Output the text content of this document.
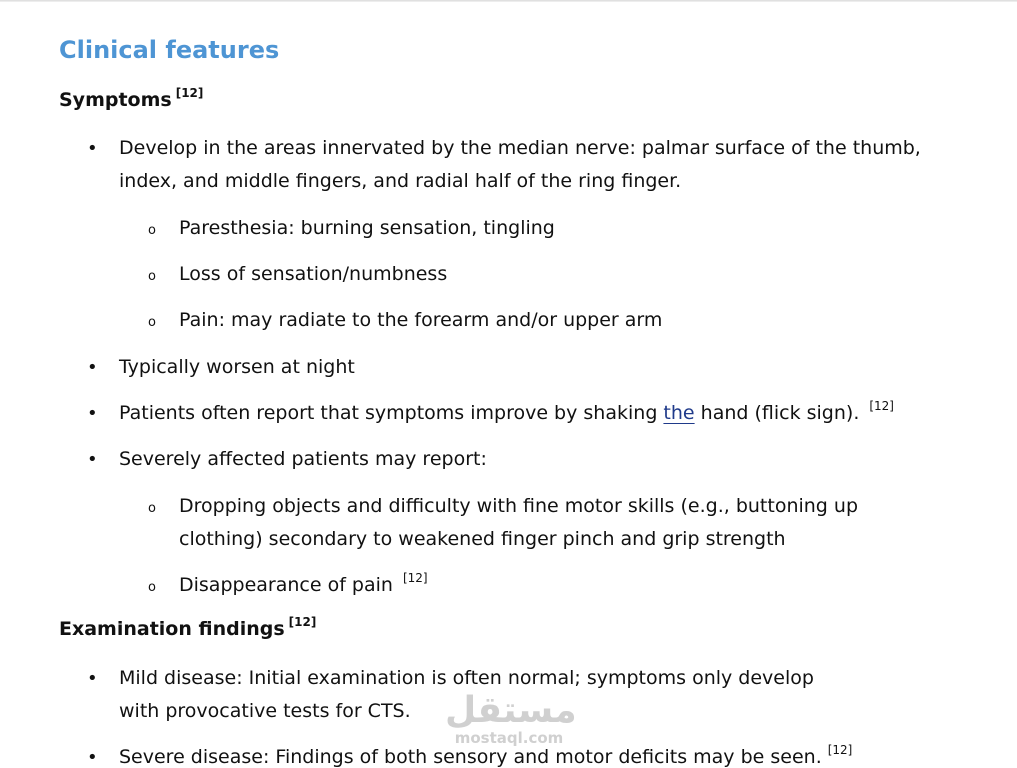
Clinical features
Symptoms [12]
• Develop in the areas innervated by the median nerve: palmar surface of the thumb,
index, and middle fingers, and radial half of the ring finger.
o Paresthesia: burning sensation, tingling
o Loss of sensation/numbness
o Pain: may radiate to the forearm and/or upper arm
• Typically worsen at night
• Patients often report that symptoms improve by shaking the hand (flick sign). [12]
• Severely affected patients may report:
o Dropping objects and difficulty with fine motor skills (e.g., buttoning up
clothing) secondary to weakened finger pinch and grip strength
o Disappearance of pain [12]
Examination findings [12]
• Mild disease: Initial examination is often normal; symptoms only develop
with provocative tests for CTS.
• Severe disease: Findings of both sensory and motor deficits may be seen. [12]
مستقل
mostaql.com
